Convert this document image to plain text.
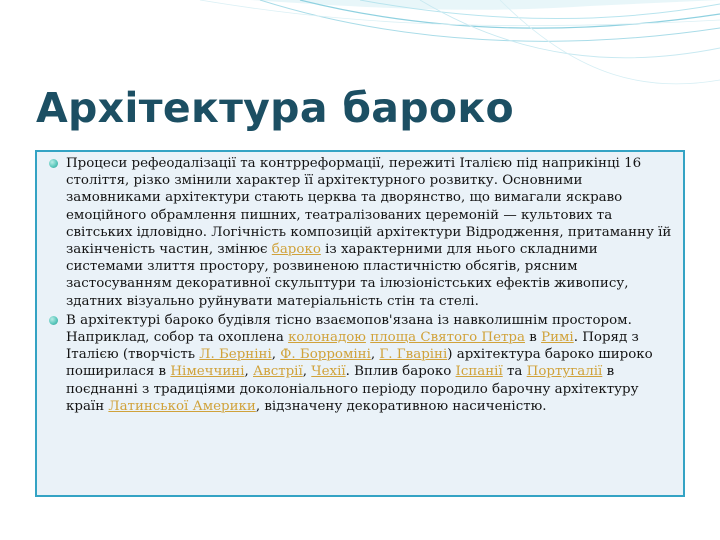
Архітектура бароко
Процеси рефеодалізації та контрреформації, пережиті Італією під наприкінці 16 століття, різко змінили характер її архітектурного розвитку. Основними замовниками архітектури стають церква та дворянство, що вимагали яскраво емоційного обрамлення пишних, театралізованих церемоній — культових та світських ідловідно. Логічність композицій архітектури Відродження, притаманну їй закінченість частин, змінює бароко із характерними для нього складними системами злиття простору, розвиненою пластичністю обсягів, рясним застосуванням декоративної скульптури та ілюзіоністських ефектів живопису, здатних візуально руйнувати матеріальність стін та стелі.
В архітектурі бароко будівля тісно взаємопов'язана із навколишнім простором. Наприклад, собор та охоплена колонадою площа Святого Петра в Римі. Поряд з Італією (творчість Л. Берніні, Ф. Борроміні, Г. Гваріні) архітектура бароко широко поширилася в Німеччині, Австрії, Чехії. Вплив бароко Іспанії та Португалії в поєднанні з традиціями доколоніального періоду породило барочну архітектуру країн Латинської Америки, відзначену декоративною насиченістю.
